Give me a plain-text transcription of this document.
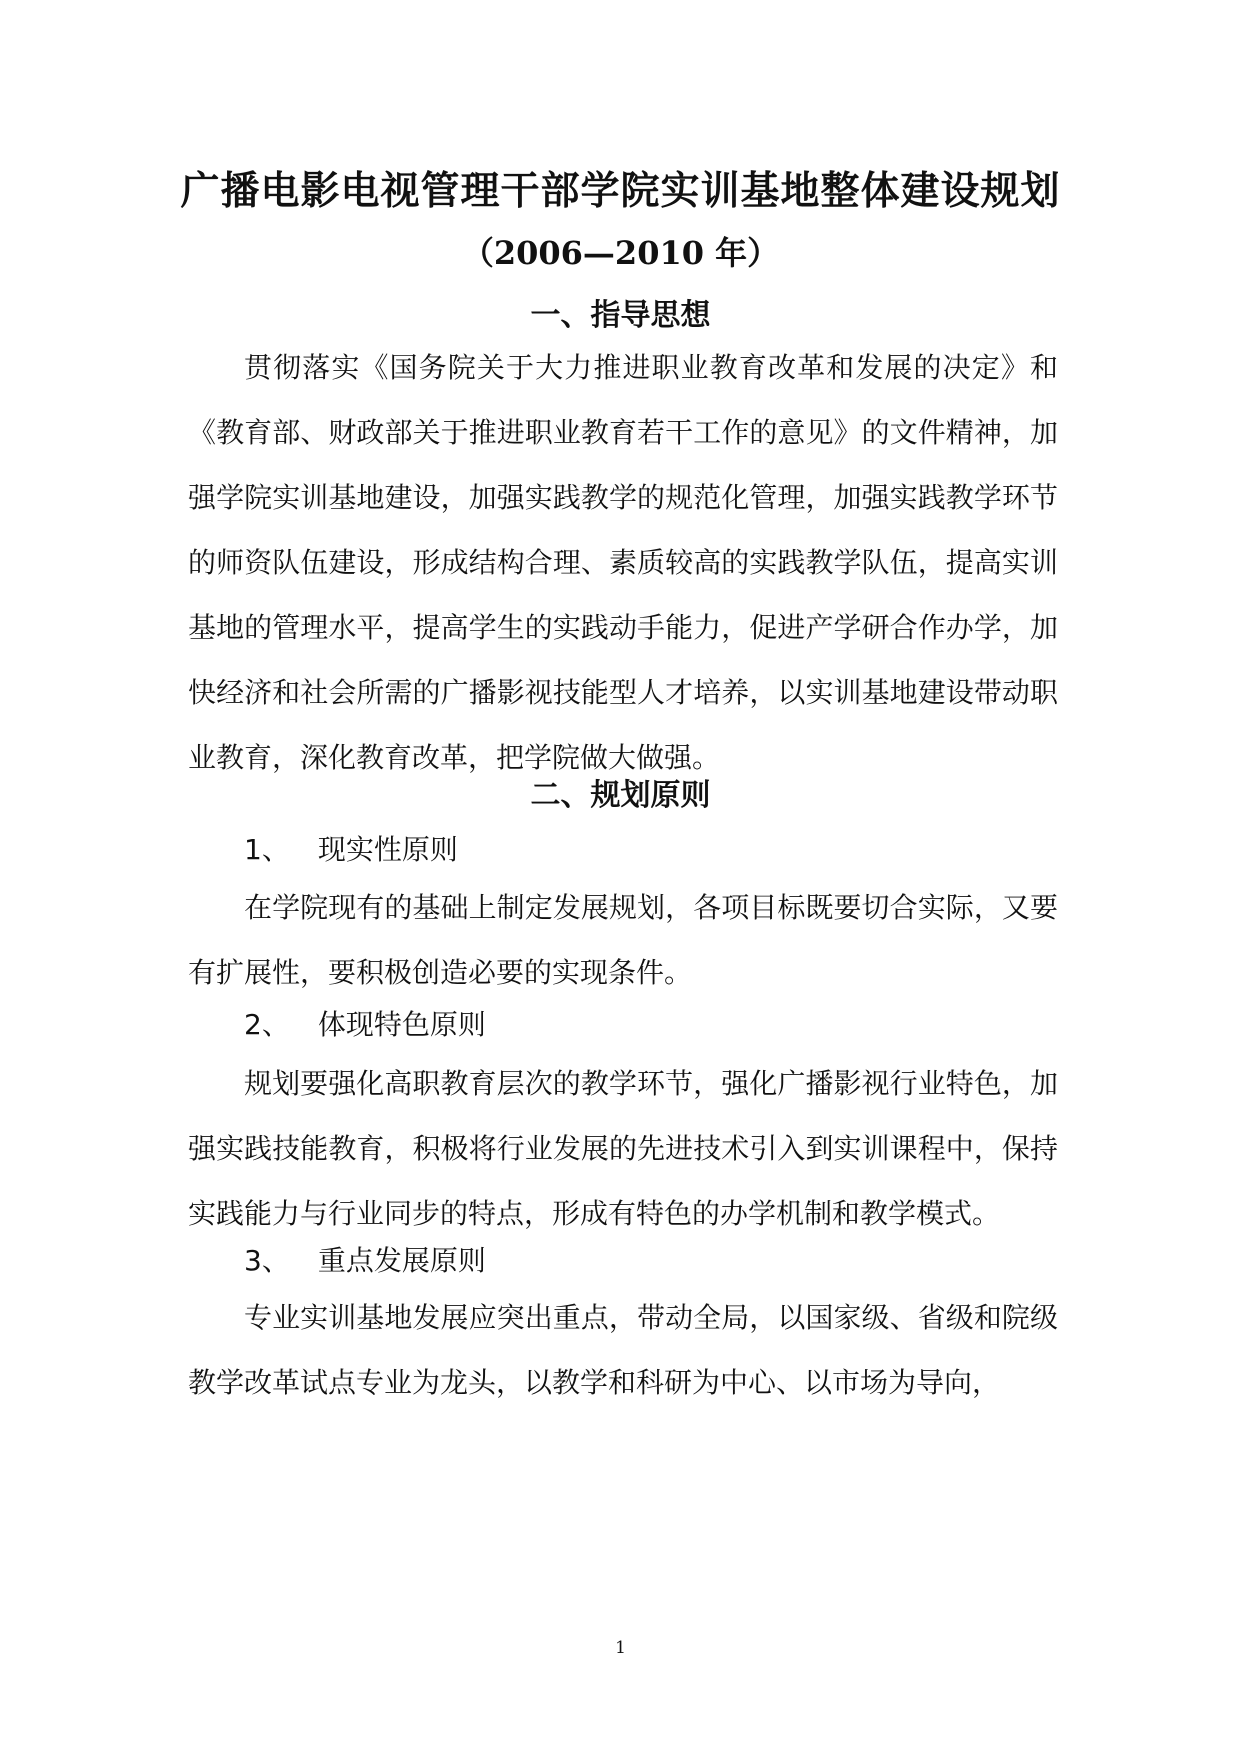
广播电影电视管理干部学院实训基地整体建设规划
（2006—2010 年）
一、指导思想
贯彻落实《国务院关于大力推进职业教育改革和发展的决定》和《教育部、财政部关于推进职业教育若干工作的意见》的文件精神，加强学院实训基地建设，加强实践教学的规范化管理，加强实践教学环节的师资队伍建设，形成结构合理、素质较高的实践教学队伍，提高实训基地的管理水平，提高学生的实践动手能力，促进产学研合作办学，加快经济和社会所需的广播影视技能型人才培养，以实训基地建设带动职业教育，深化教育改革，把学院做大做强。
二、规划原则
1、 现实性原则
在学院现有的基础上制定发展规划，各项目标既要切合实际，又要有扩展性，要积极创造必要的实现条件。
2、 体现特色原则
规划要强化高职教育层次的教学环节，强化广播影视行业特色，加强实践技能教育，积极将行业发展的先进技术引入到实训课程中，保持实践能力与行业同步的特点，形成有特色的办学机制和教学模式。
3、 重点发展原则
专业实训基地发展应突出重点，带动全局，以国家级、省级和院级教学改革试点专业为龙头，以教学和科研为中心、以市场为导向，
1
